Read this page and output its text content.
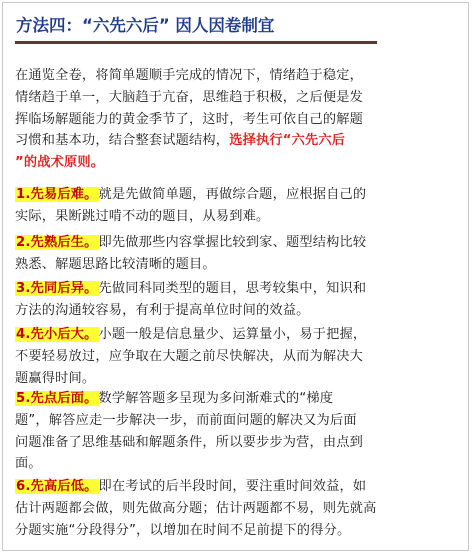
方法四：“六先六后” 因人因卷制宜
在通览全卷，将简单题顺手完成的情况下，情绪趋于稳定，
情绪趋于单一，大脑趋于亢奋，思维趋于积极，之后便是发
挥临场解题能力的黄金季节了，这时，考生可依自己的解题
习惯和基本功，结合整套试题结构，选择执行“六先六后
”的战术原则。
1.先易后难。就是先做简单题，再做综合题，应根据自己的
实际，果断跳过啃不动的题目，从易到难。
2.先熟后生。即先做那些内容掌握比较到家、题型结构比较
熟悉、解题思路比较清晰的题目。
3.先同后异。先做同科同类型的题目，思考较集中，知识和
方法的沟通较容易，有利于提高单位时间的效益。
4.先小后大。小题一般是信息量少、运算量小，易于把握，
不要轻易放过，应争取在大题之前尽快解决，从而为解决大
题赢得时间。
5.先点后面。数学解答题多呈现为多问渐难式的“梯度
题”，解答应走一步解决一步，而前面问题的解决又为后面
问题准备了思维基础和解题条件，所以要步步为营，由点到
面。
6.先高后低。即在考试的后半段时间，要注重时间效益，如
估计两题都会做，则先做高分题；估计两题都不易，则先就高
分题实施“分段得分”，以增加在时间不足前提下的得分。
